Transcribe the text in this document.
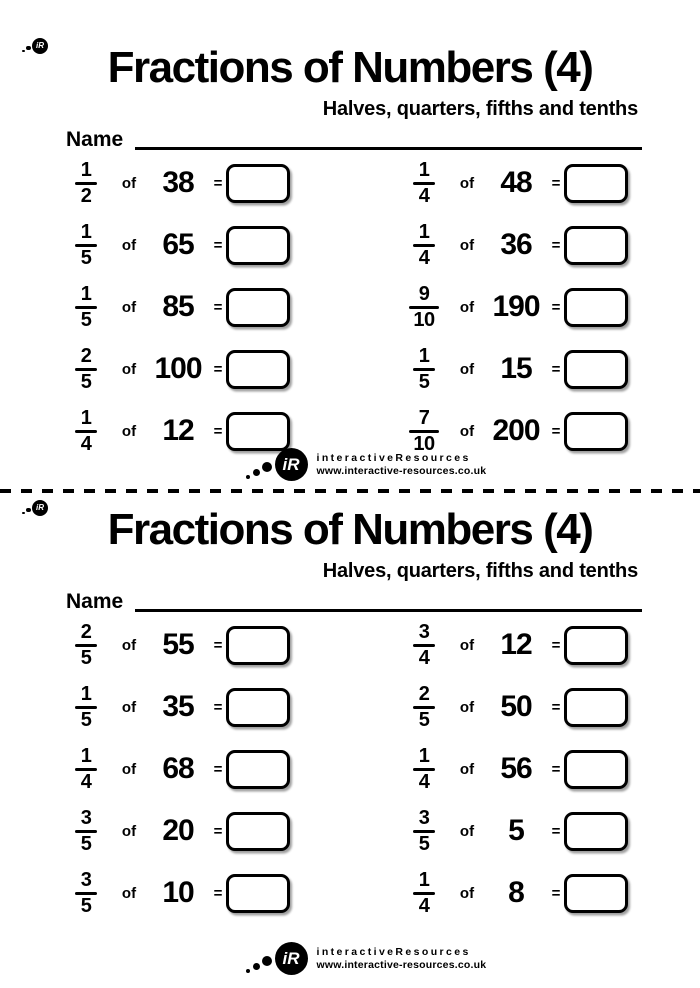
iR	Fractions of Numbers (4)
Halves, quarters, fifths and tenths
Name
$\frac{1}{2}$	of 38	=
$\frac{1}{5}$	of 65	=
$\frac{1}{5}$	of 85	=
$\frac{2}{5}$	of 100 =
$\frac{1}{4}$	of 12	=
$\frac{1}{4}$	of 48	=
$\frac{1}{4}$	of 36	=
$\frac{9}{10}$	of 190 =
$\frac{1}{5}$	of 15	=
$\frac{7}{10}$	of 200 =
iR interactiveResources
www.interactive-resources.co.uk
iR	Fractions of Numbers (4)
Halves, quarters, fifths and tenths
Name
$\frac{2}{5}$	of 55	=
$\frac{1}{5}$	of 35	=
$\frac{1}{4}$	of 68	=
$\frac{3}{5}$	of 20	=
$\frac{3}{5}$	of 10	=
$\frac{3}{4}$	of 12	=
$\frac{2}{5}$	of 50	=
$\frac{1}{4}$	of 56	=
$\frac{3}{5}$	of	5	=
$\frac{1}{4}$	of	8	=
iR interactiveResources
www.interactive-resources.co.uk
